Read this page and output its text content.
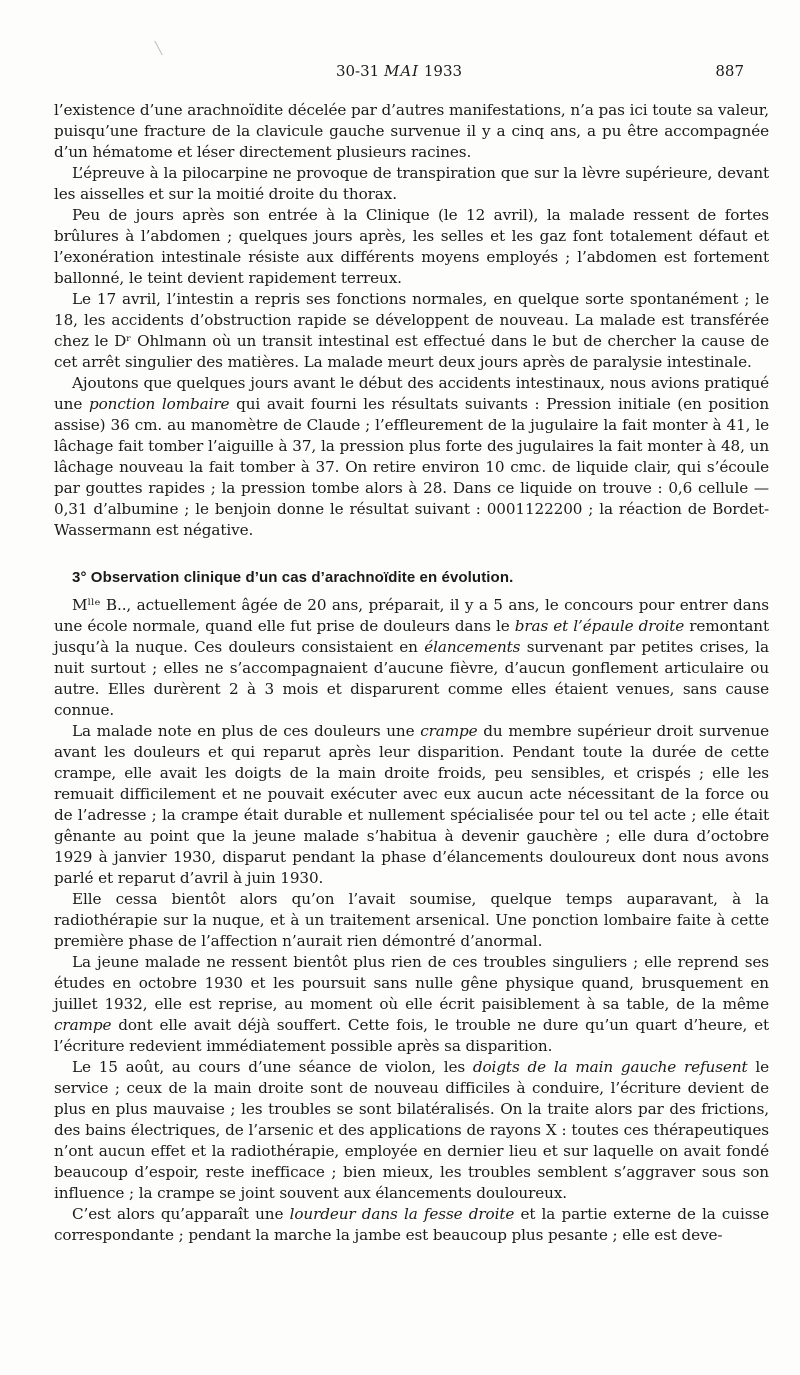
30-31 MAI 1933	887

l’existence d’une arachnoïdite décelée par d’autres manifestations, n’a pas ici toute sa valeur, puisqu’une fracture de la clavicule gauche survenue il y a cinq ans, a pu être accompagnée d’un hématome et léser directement plusieurs racines.

L’épreuve à la pilocarpine ne provoque de transpiration que sur la lèvre supérieure, devant les aisselles et sur la moitié droite du thorax.

Peu de jours après son entrée à la Clinique (le 12 avril), la malade ressent de fortes brûlures à l’abdomen ; quelques jours après, les selles et les gaz font totalement défaut et l’exonération intestinale résiste aux différents moyens employés ; l’abdomen est fortement ballonné, le teint devient rapidement terreux.

Le 17 avril, l’intestin a repris ses fonctions normales, en quelque sorte spontanément ; le 18, les accidents d’obstruction rapide se développent de nouveau. La malade est transférée chez le Dʳ Ohlmann où un transit intestinal est effectué dans le but de chercher la cause de cet arrêt singulier des matières. La malade meurt deux jours après de paralysie intestinale.

Ajoutons que quelques jours avant le début des accidents intestinaux, nous avions pratiqué une ponction lombaire qui avait fourni les résultats suivants : Pression initiale (en position assise) 36 cm. au manomètre de Claude ; l’effleurement de la jugulaire la fait monter à 41, le lâchage fait tomber l’aiguille à 37, la pression plus forte des jugulaires la fait monter à 48, un lâchage nouveau la fait tomber à 37. On retire environ 10 cmc. de liquide clair, qui s’écoule par gouttes rapides ; la pression tombe alors à 28. Dans ce liquide on trouve : 0,6 cellule — 0,31 d’albumine ; le benjoin donne le résultat suivant : 0001122200 ; la réaction de Bordet-Wassermann est négative.

3° Observation clinique d’un cas d’arachnoïdite en évolution.

Mˡˡᵉ B.., actuellement âgée de 20 ans, préparait, il y a 5 ans, le concours pour entrer dans une école normale, quand elle fut prise de douleurs dans le bras et l’épaule droite remontant jusqu’à la nuque. Ces douleurs consistaient en élancements survenant par petites crises, la nuit surtout ; elles ne s’accompagnaient d’aucune fièvre, d’aucun gonflement articulaire ou autre. Elles durèrent 2 à 3 mois et disparurent comme elles étaient venues, sans cause connue.

La malade note en plus de ces douleurs une crampe du membre supérieur droit survenue avant les douleurs et qui reparut après leur disparition. Pendant toute la durée de cette crampe, elle avait les doigts de la main droite froids, peu sensibles, et crispés ; elle les remuait difficilement et ne pouvait exécuter avec eux aucun acte nécessitant de la force ou de l’adresse ; la crampe était durable et nullement spécialisée pour tel ou tel acte ; elle était gênante au point que la jeune malade s’habitua à devenir gauchère ; elle dura d’octobre 1929 à janvier 1930, disparut pendant la phase d’élancements douloureux dont nous avons parlé et reparut d’avril à juin 1930.

Elle cessa bientôt alors qu’on l’avait soumise, quelque temps auparavant, à la radiothérapie sur la nuque, et à un traitement arsenical. Une ponction lombaire faite à cette première phase de l’affection n’aurait rien démontré d’anormal.

La jeune malade ne ressent bientôt plus rien de ces troubles singuliers ; elle reprend ses études en octobre 1930 et les poursuit sans nulle gêne physique quand, brusquement en juillet 1932, elle est reprise, au moment où elle écrit paisiblement à sa table, de la même crampe dont elle avait déjà souffert. Cette fois, le trouble ne dure qu’un quart d’heure, et l’écriture redevient immédiatement possible après sa disparition.

Le 15 août, au cours d’une séance de violon, les doigts de la main gauche refusent le service ; ceux de la main droite sont de nouveau difficiles à conduire, l’écriture devient de plus en plus mauvaise ; les troubles se sont bilatéralisés. On la traite alors par des frictions, des bains électriques, de l’arsenic et des applications de rayons X : toutes ces thérapeutiques n’ont aucun effet et la radiothérapie, employée en dernier lieu et sur laquelle on avait fondé beaucoup d’espoir, reste inefficace ; bien mieux, les troubles semblent s’aggraver sous son influence ; la crampe se joint souvent aux élancements douloureux.

C’est alors qu’apparaît une lourdeur dans la fesse droite et la partie externe de la cuisse correspondante ; pendant la marche la jambe est beaucoup plus pesante ; elle est deve-
